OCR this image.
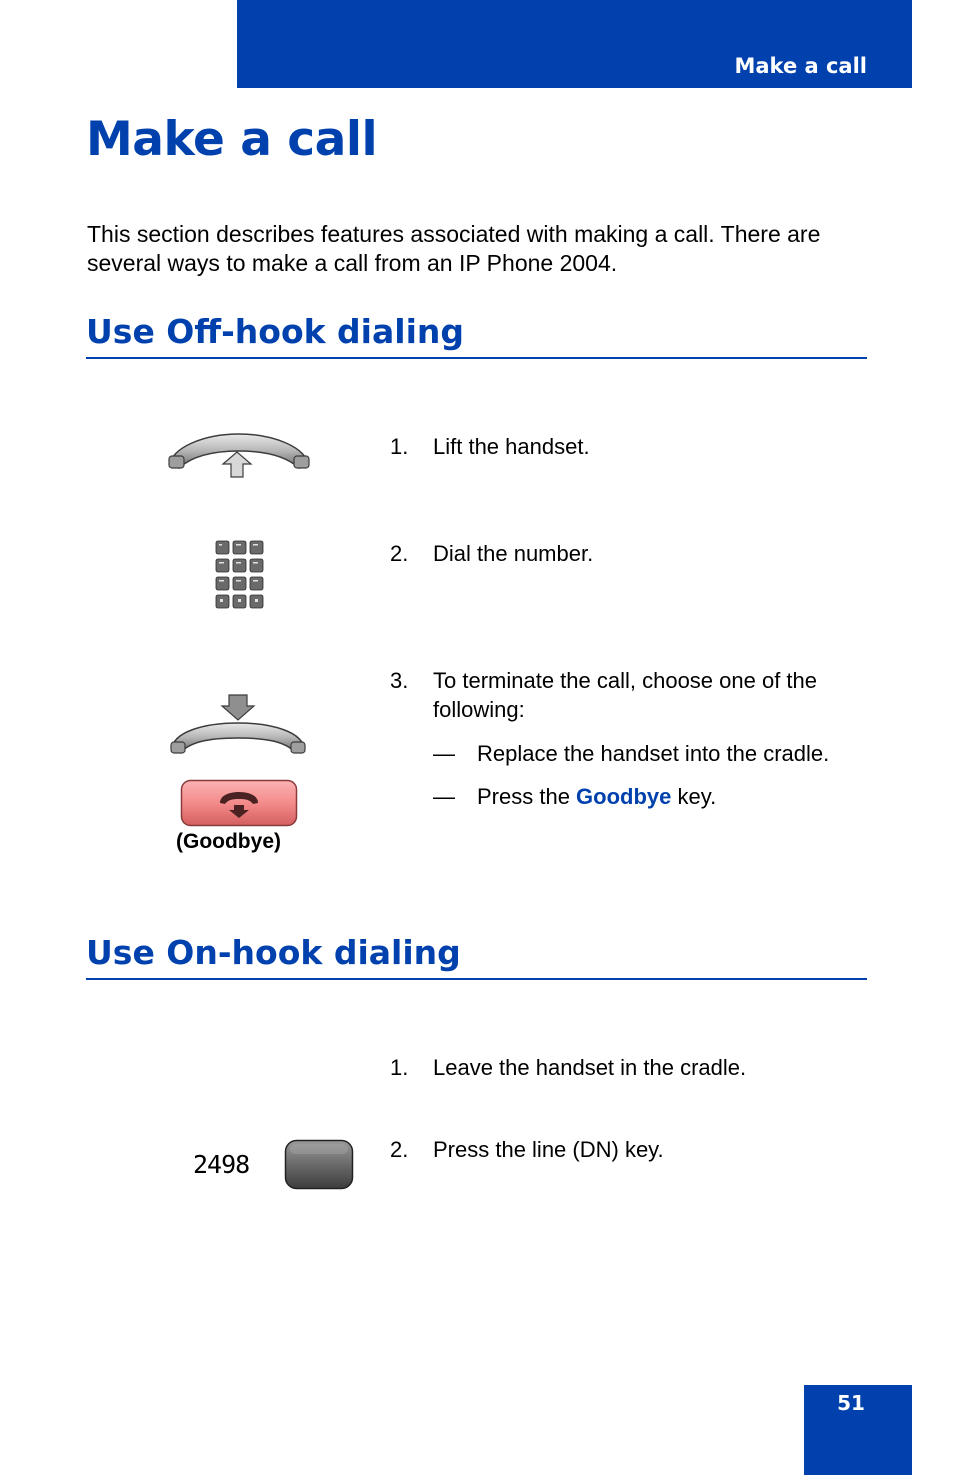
Make a call
Make a call

This section describes features associated with making a call. There are several ways to make a call from an IP Phone 2004.

Use Off-hook dialing
1. Lift the handset.
2. Dial the number.
(Goodbye)
3. To terminate the call, choose one of the following:
— Replace the handset into the cradle.
— Press the Goodbye key.
Use On-hook dialing
1. Leave the handset in the cradle.
2498
2. Press the line (DN) key.
51
